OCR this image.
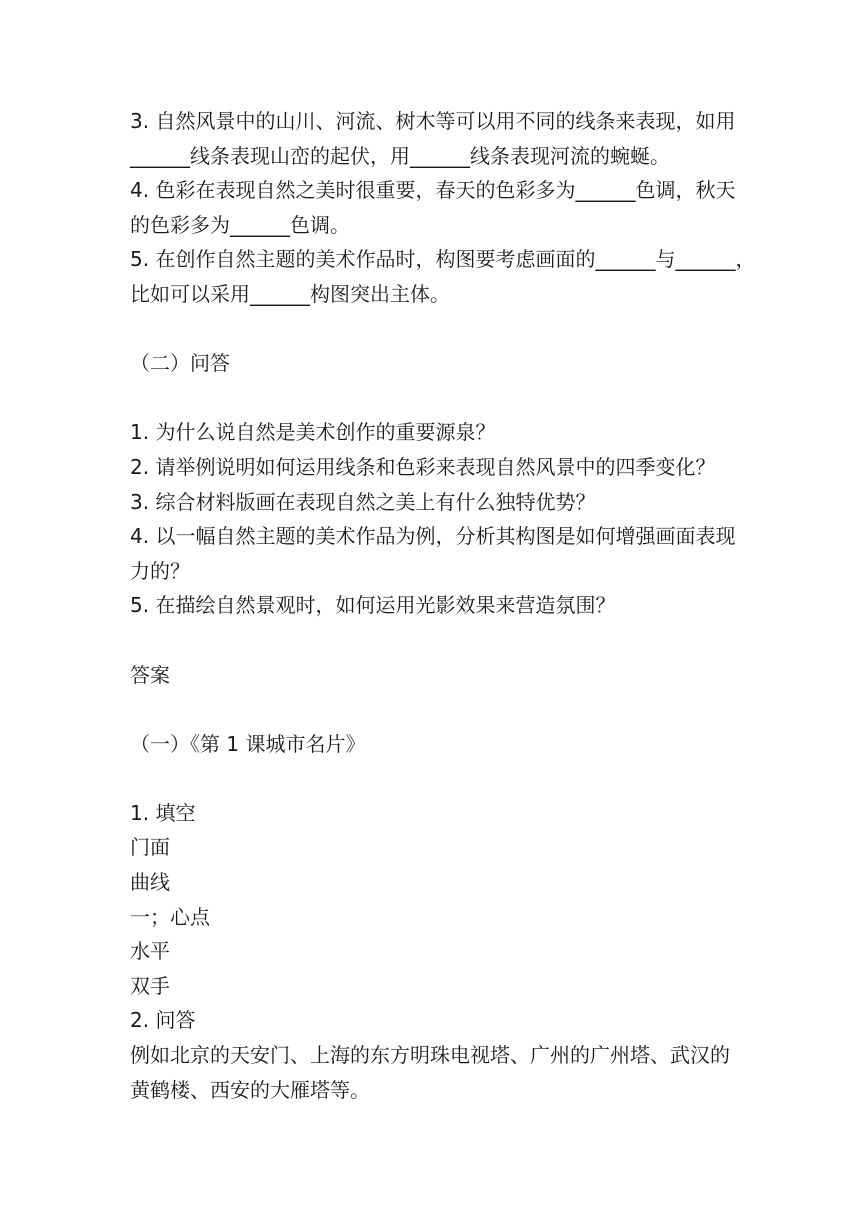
3. 自然风景中的山川、河流、树木等可以用不同的线条来表现，如用
______线条表现山峦的起伏，用______线条表现河流的蜿蜒。
4. 色彩在表现自然之美时很重要，春天的色彩多为______色调，秋天
的色彩多为______色调。
5. 在创作自然主题的美术作品时，构图要考虑画面的______与______，
比如可以采用______构图突出主体。
（二）问答
1. 为什么说自然是美术创作的重要源泉？
2. 请举例说明如何运用线条和色彩来表现自然风景中的四季变化？
3. 综合材料版画在表现自然之美上有什么独特优势？
4. 以一幅自然主题的美术作品为例，分析其构图是如何增强画面表现
力的？
5. 在描绘自然景观时，如何运用光影效果来营造氛围？
答案
（一）《第 1 课城市名片》
1. 填空
门面
曲线
一；心点
水平
双手
2. 问答
例如北京的天安门、上海的东方明珠电视塔、广州的广州塔、武汉的
黄鹤楼、西安的大雁塔等。
